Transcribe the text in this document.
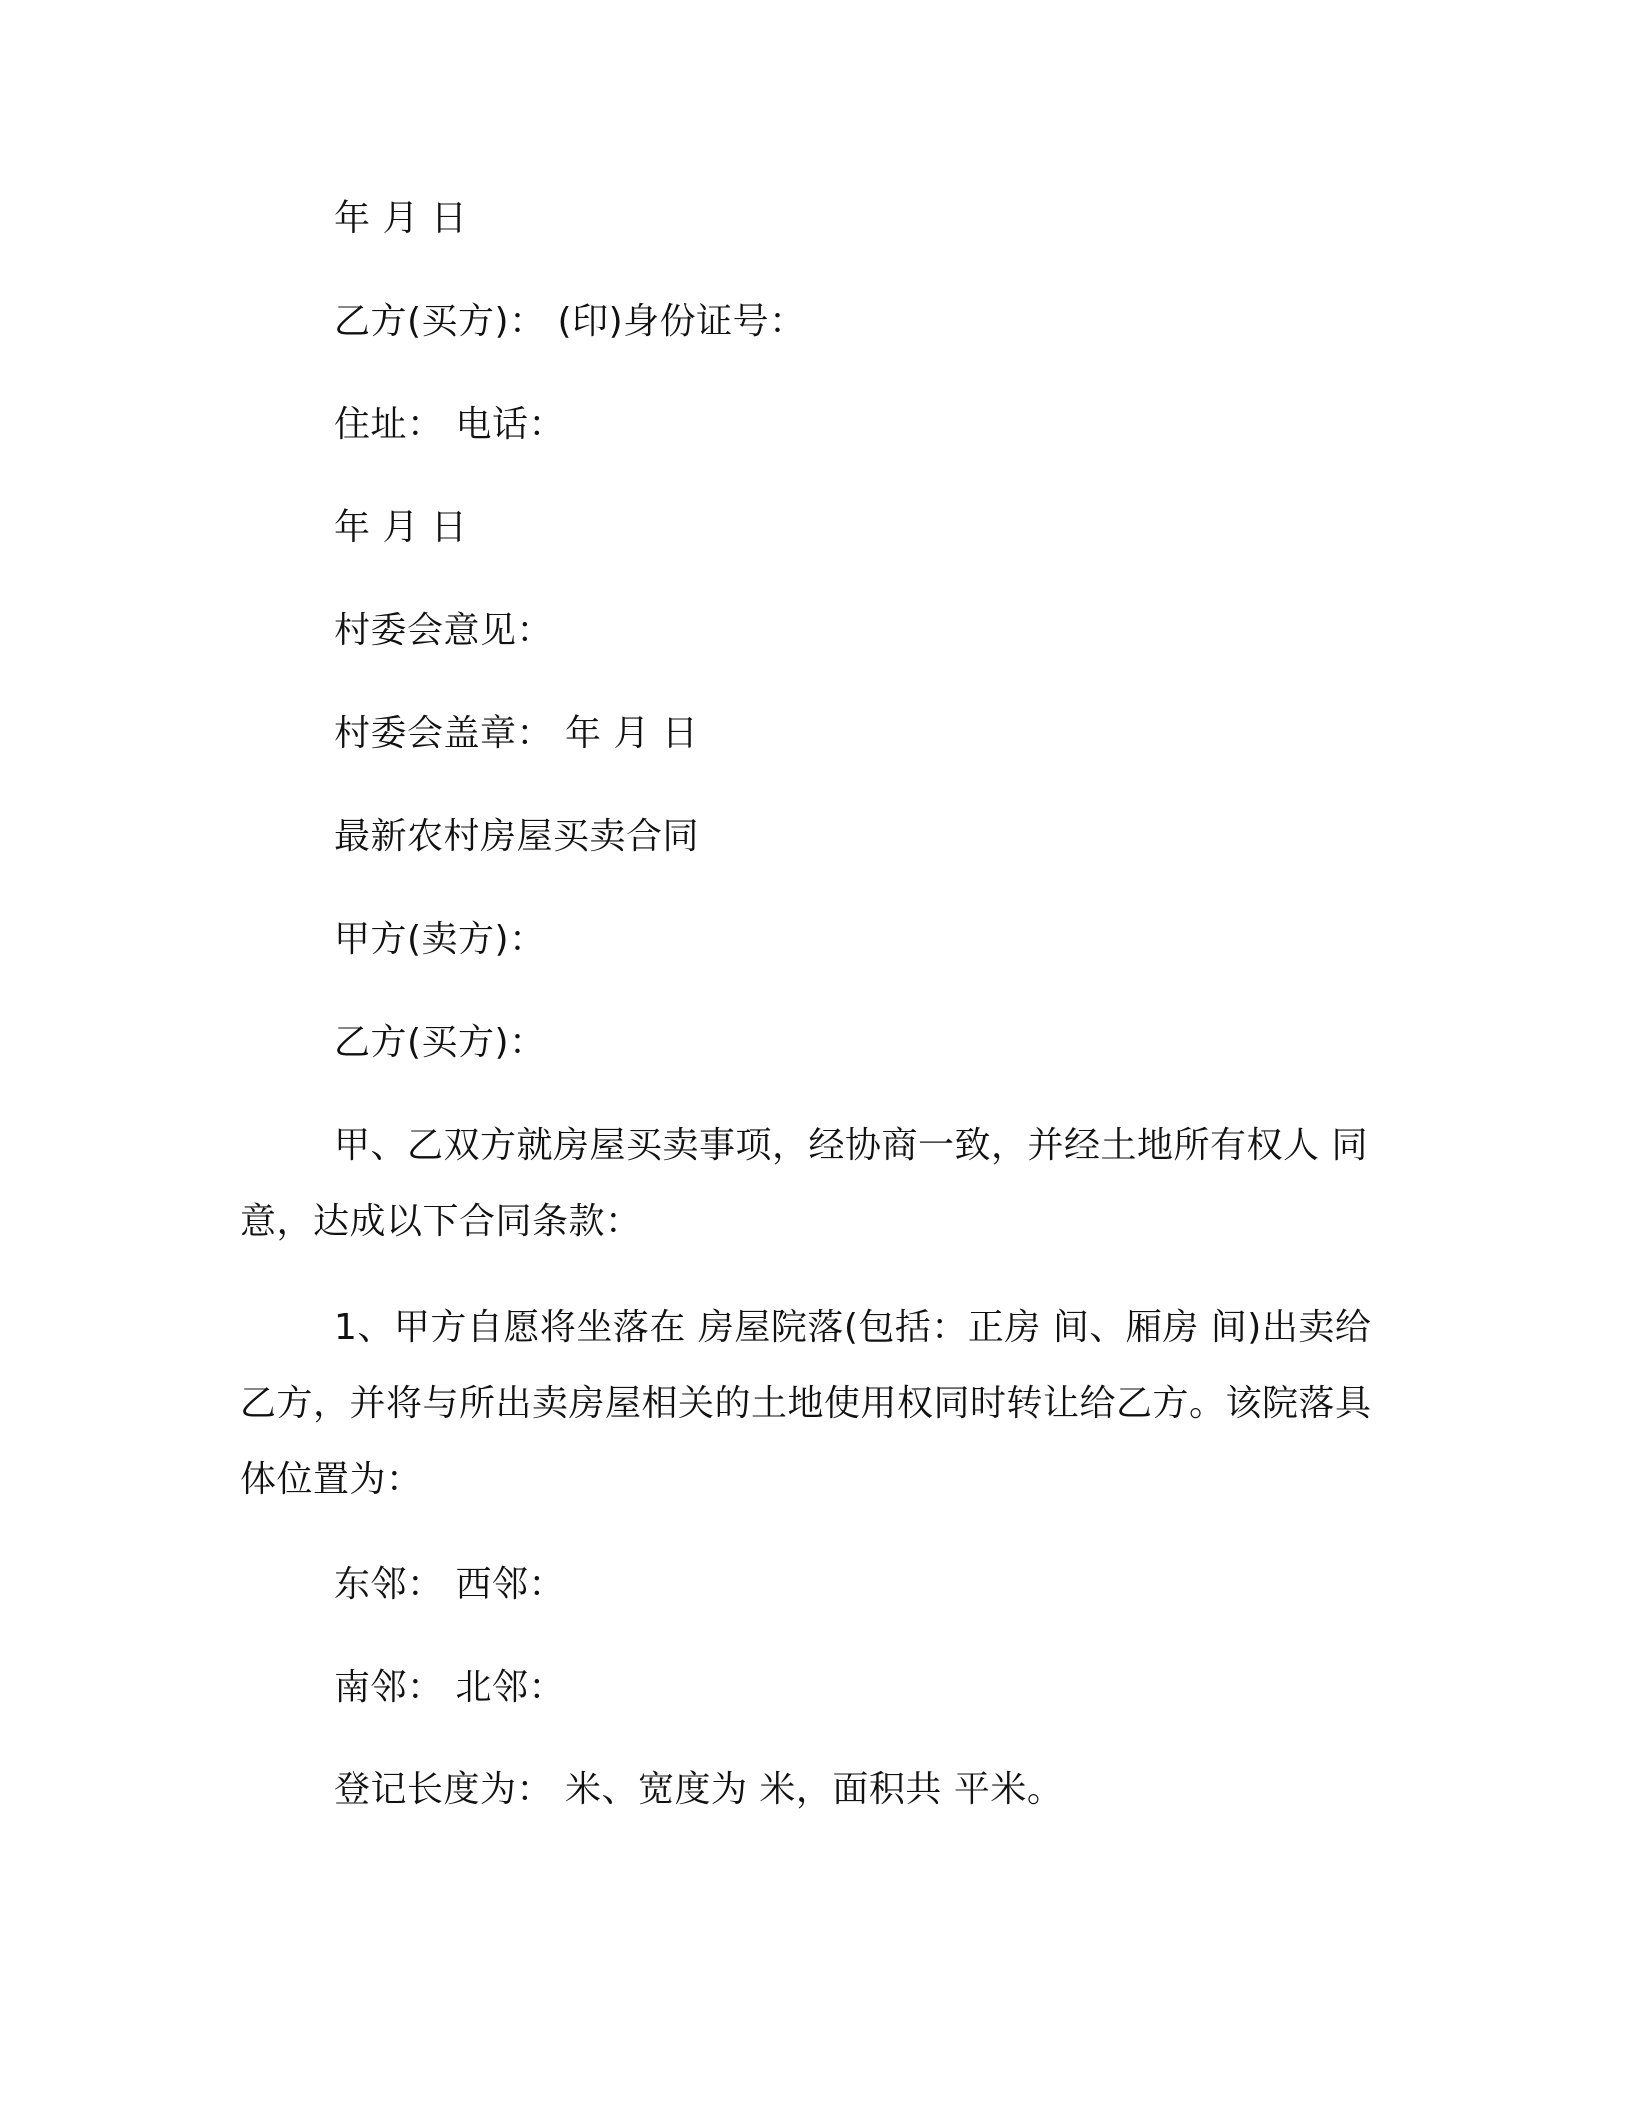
年 月 日
乙方(买方)： (印)身份证号：
住址： 电话：
年 月 日
村委会意见：
村委会盖章： 年 月 日
最新农村房屋买卖合同
甲方(卖方)：
乙方(买方)：
甲、乙双方就房屋买卖事项，经协商一致，并经土地所有权人 同意，达成以下合同条款：
1、甲方自愿将坐落在 房屋院落(包括：正房 间、厢房 间)出卖给乙方，并将与所出卖房屋相关的土地使用权同时转让给乙方。该院落具体位置为：
东邻： 西邻：
南邻： 北邻：
登记长度为： 米、宽度为 米，面积共 平米。
